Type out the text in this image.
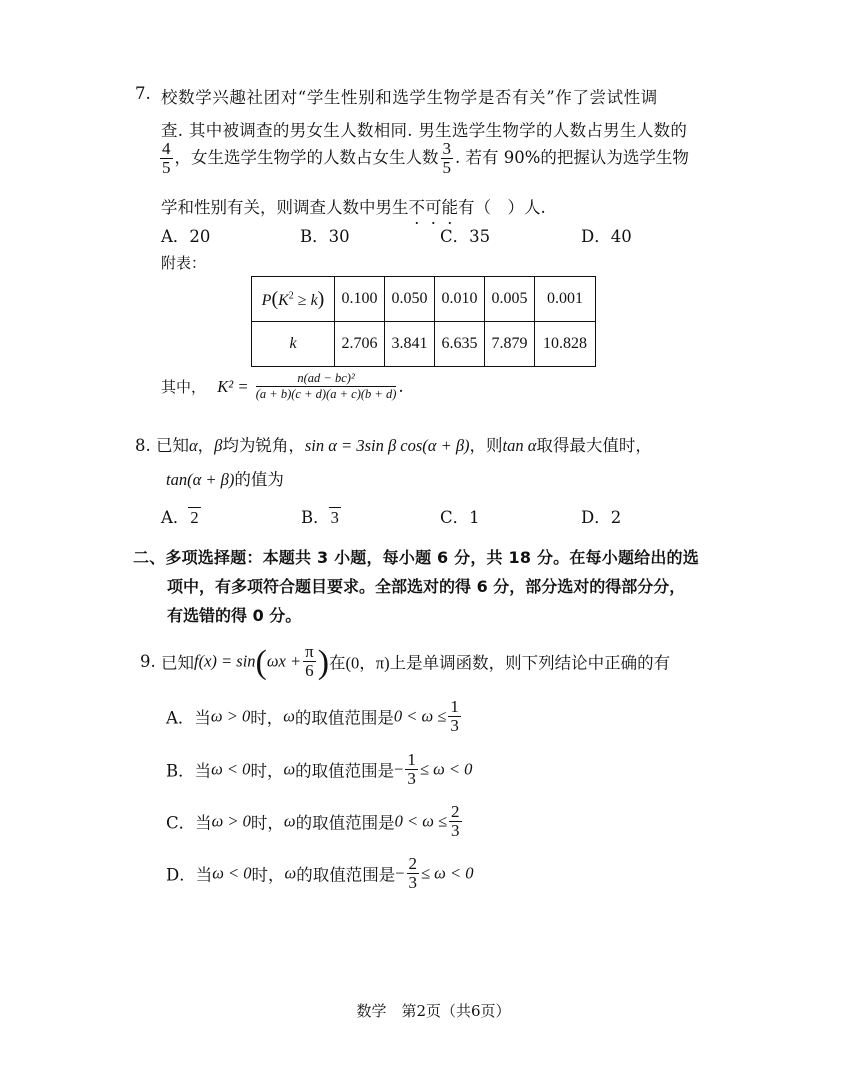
7. 校数学兴趣社团对“学生性别和选学生物学是否有关”作了尝试性调
查. 其中被调查的男女生人数相同. 男生选学生物学的人数占男生人数的
$\frac{4}{5}$ ，女生选学生物学的人数占女生人数 $\frac{3}{5}$ . 若有 90%的把握认为选学生物
学和性别有关，则调查人数中男生不可能有（　）人.
A．20	B．30	C．35	D．40
附表：
$P(K^2 \ge k)$	0.100	0.050	0.010	0.005	0.001
k	2.706	3.841	6.635	7.879	10.828
其中， $K^2 = \frac{\text{n(ad − bc)²}}{(a + b)(c + d)(a + c)(b + d)}$ .
8. 已知α，β均为锐角，sin α = 3sin β cos(α + β)，则tan α取得最大值时，
tan(α + β)的值为
A．2	B．3	C．1	D．2
二、多项选择题：本题共 3 小题，每小题 6 分，共 18 分。在每小题给出的选
项中，有多项符合题目要求。全部选对的得 6 分，部分选对的得部分分，
有选错的得 0 分。
9. 已知$f(x) = \sin(\omega x + \frac{\pi}{6}$ )在(0，π)上是单调函数，则下列结论中正确的有
A．当ω > 0时，ω的取值范围是$0 < \omega \le \frac{1}{3}$
B．当ω < 0时，ω的取值范围是− $\frac{1}{3} \le \omega < 0$
C．当ω > 0时，ω的取值范围是$0 < \omega \le \frac{2}{3}$
D．当ω < 0时，ω的取值范围是− $\frac{2}{3} \le \omega < 0$
数学　第2页（共6页）
